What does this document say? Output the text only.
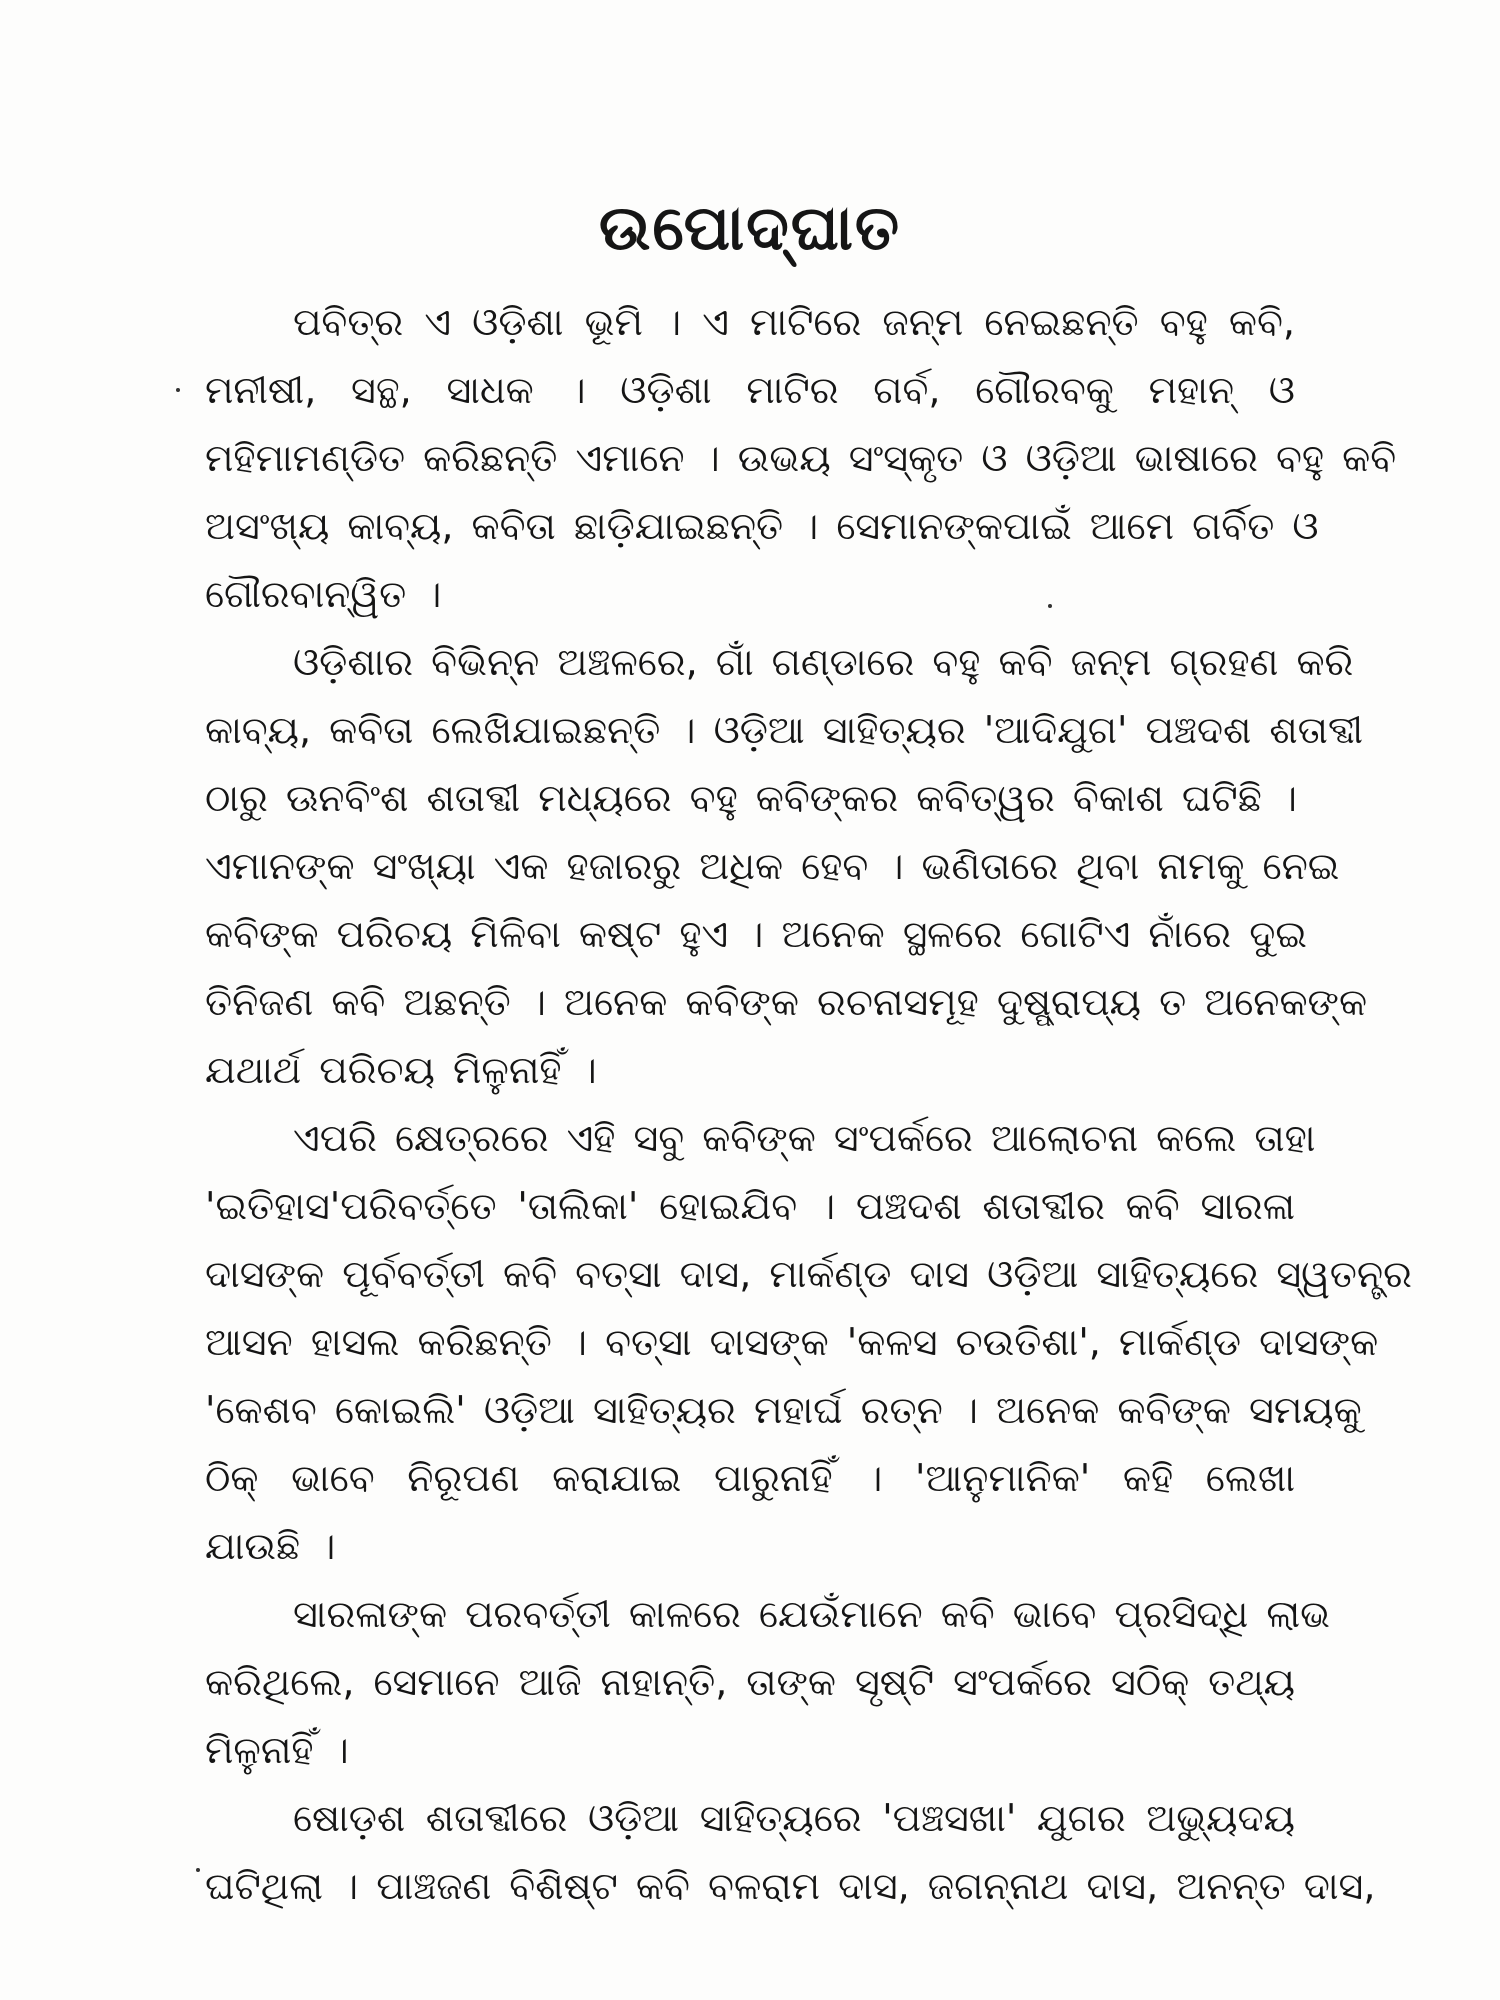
ଉପୋଦ୍‌ଘାତ

ପବିତ୍ର ଏ ଓଡ଼ିଶା ଭୂମି । ଏ ମାଟିରେ ଜନ୍ମ ନେଇଛନ୍ତି ବହୁ କବି,
ମନୀଷୀ, ସନ୍ଥ, ସାଧକ । ଓଡ଼ିଶା ମାଟିର ଗର୍ବ, ଗୌରବକୁ ମହାନ୍ ଓ
ମହିମାମଣ୍ଡିତ କରିଛନ୍ତି ଏମାନେ । ଉଭୟ ସଂସ୍କୃତ ଓ ଓଡ଼ିଆ ଭାଷାରେ ବହୁ କବି
ଅସଂଖ୍ୟ କାବ୍ୟ, କବିତା ଛାଡ଼ିଯାଇଛନ୍ତି । ସେମାନଙ୍କପାଇଁ ଆମେ ଗର୍ବିତ ଓ
ଗୌରବାନ୍ୱିତ ।

ଓଡ଼ିଶାର ବିଭିନ୍ନ ଅଞ୍ଚଳରେ, ଗାଁ ଗଣ୍ଡାରେ ବହୁ କବି ଜନ୍ମ ଗ୍ରହଣ କରି
କାବ୍ୟ, କବିତା ଲେଖିଯାଇଛନ୍ତି । ଓଡ଼ିଆ ସାହିତ୍ୟର 'ଆଦିଯୁଗ' ପଞ୍ଚଦଶ ଶତାବ୍ଦୀ
ଠାରୁ ଊନବିଂଶ ଶତାବ୍ଦୀ ମଧ୍ୟରେ ବହୁ କବିଙ୍କର କବିତ୍ୱର ବିକାଶ ଘଟିଛି ।
ଏମାନଙ୍କ ସଂଖ୍ୟା ଏକ ହଜାରରୁ ଅଧିକ ହେବ । ଭଣିତାରେ ଥିବା ନାମକୁ ନେଇ
କବିଙ୍କ ପରିଚୟ ମିଳିବା କଷ୍ଟ ହୁଏ । ଅନେକ ସ୍ଥଳରେ ଗୋଟିଏ ନାଁରେ ଦୁଇ
ତିନିଜଣ କବି ଅଛନ୍ତି । ଅନେକ କବିଙ୍କ ରଚନାସମୂହ ଦୁଷ୍ପ୍ରାପ୍ୟ ତ ଅନେକଙ୍କ
ଯଥାର୍ଥ ପରିଚୟ ମିଳୁନାହିଁ ।

ଏପରି କ୍ଷେତ୍ରରେ ଏହି ସବୁ କବିଙ୍କ ସଂପର୍କରେ ଆଲୋଚନା କଲେ ତାହା
'ଇତିହାସ'ପରିବର୍ତ୍ତେ 'ତାଲିକା' ହୋଇଯିବ । ପଞ୍ଚଦଶ ଶତାବ୍ଦୀର କବି ସାରଳା
ଦାସଙ୍କ ପୂର୍ବବର୍ତ୍ତୀ କବି ବତ୍ସା ଦାସ, ମାର୍କଣ୍ଡ ଦାସ ଓଡ଼ିଆ ସାହିତ୍ୟରେ ସ୍ୱତନ୍ତ୍ର
ଆସନ ହାସଲ କରିଛନ୍ତି । ବତ୍ସା ଦାସଙ୍କ 'କଳସ ଚଉତିଶା', ମାର୍କଣ୍ଡ ଦାସଙ୍କ
'କେଶବ କୋଇଲି' ଓଡ଼ିଆ ସାହିତ୍ୟର ମହାର୍ଘ ରତ୍ନ । ଅନେକ କବିଙ୍କ ସମୟକୁ
ଠିକ୍ ଭାବେ ନିରୂପଣ କରାଯାଇ ପାରୁନାହିଁ । 'ଆନୁମାନିକ' କହି ଲେଖା
ଯାଉଛି ।

ସାରଳାଙ୍କ ପରବର୍ତ୍ତୀ କାଳରେ ଯେଉଁମାନେ କବି ଭାବେ ପ୍ରସିଦ୍ଧି ଲାଭ
କରିଥିଲେ, ସେମାନେ ଆଜି ନାହାନ୍ତି, ତାଙ୍କ ସୃଷ୍ଟି ସଂପର୍କରେ ସଠିକ୍ ତଥ୍ୟ
ମିଳୁନାହିଁ ।

ଷୋଡ଼ଶ ଶତାବ୍ଦୀରେ ଓଡ଼ିଆ ସାହିତ୍ୟରେ 'ପଞ୍ଚସଖା' ଯୁଗର ଅଭ୍ୟୁଦୟ
ଘଟିଥିଲା । ପାଞ୍ଚଜଣ ବିଶିଷ୍ଟ କବି ବଳରାମ ଦାସ, ଜଗନ୍ନାଥ ଦାସ, ଅନନ୍ତ ଦାସ,
